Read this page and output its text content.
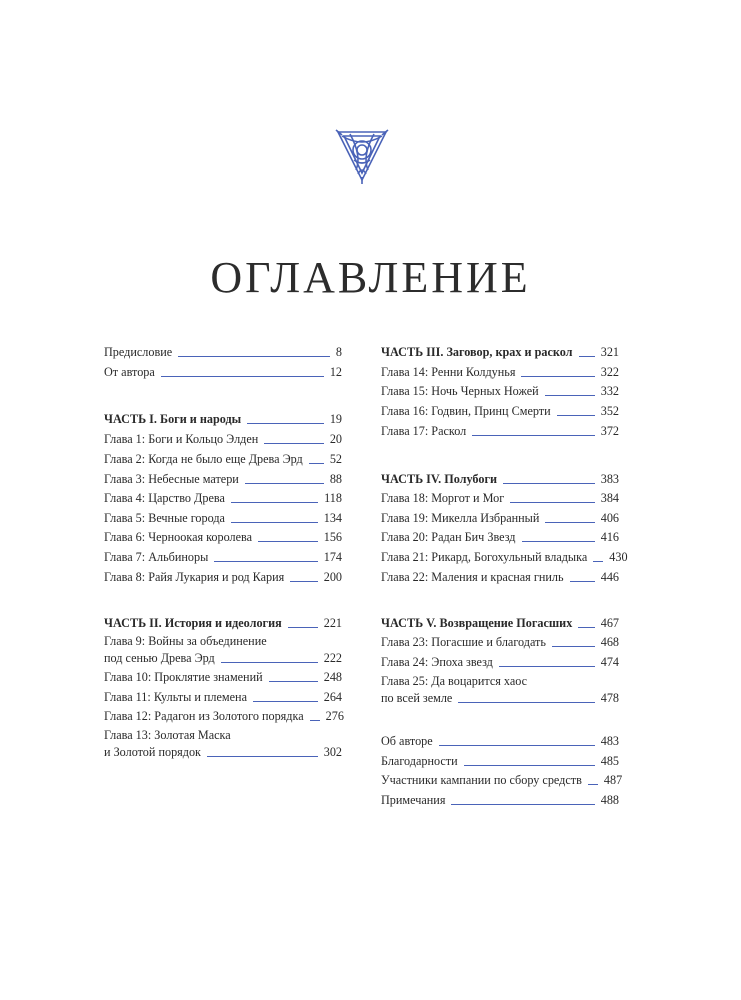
ОГЛАВЛЕНИЕ
Предисловие	8
От автора	12
ЧАСТЬ I. Боги и народы	19
Глава 1: Боги и Кольцо Элден	20
Глава 2: Когда не было еще Древа Эрд 52
Глава 3: Небесные матери	88
Глава 4: Царство Древа	118
Глава 5: Вечные города	134
Глава 6: Черноокая королева	156
Глава 7: Альбиноры	174
Глава 8: Райя Лукария и род Кария	200
ЧАСТЬ II. История и идеология	221
Глава 9: Войны за объединение
под сенью Древа Эрд	222
Глава 10: Проклятие знамений	248
Глава 11: Культы и племена	264
Глава 12: Радагон из Золотого порядка 276
Глава 13: Золотая Маска
и Золотой порядок	302
ЧАСТЬ III. Заговор, крах и раскол 321
Глава 14: Ренни Колдунья	322
Глава 15: Ночь Черных Ножей	332
Глава 16: Годвин, Принц Смерти	352
Глава 17: Раскол	372
ЧАСТЬ IV. Полубоги	383
Глава 18: Моргот и Мог	384
Глава 19: Микелла Избранный	406
Глава 20: Радан Бич Звезд	416
Глава 21: Рикард, Богохульный владыка 430
Глава 22: Маления и красная гниль	446
ЧАСТЬ V. Возвращение Погасших 467
Глава 23: Погасшие и благодать	468
Глава 24: Эпоха звезд	474
Глава 25: Да воцарится хаос
по всей земле	478
Об авторе	483
Благодарности	485
Участники кампании по сбору средств 487
Примечания	488
